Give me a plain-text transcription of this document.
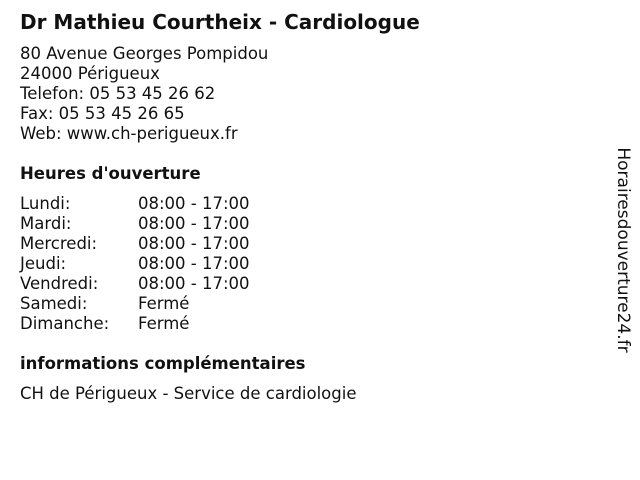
Dr Mathieu Courtheix - Cardiologue
80 Avenue Georges Pompidou
24000 Périgueux
Telefon: 05 53 45 26 62
Fax: 05 53 45 26 65
Web: www.ch-perigueux.fr
Heures d'ouverture
Lundi:	08:00 - 17:00
Mardi:	08:00 - 17:00
Mercredi:	08:00 - 17:00
Jeudi:	08:00 - 17:00
Vendredi:	08:00 - 17:00
Samedi:	Fermé
Dimanche:	Fermé
informations complémentaires
CH de Périgueux - Service de cardiologie
Horairesdouverture24.fr
